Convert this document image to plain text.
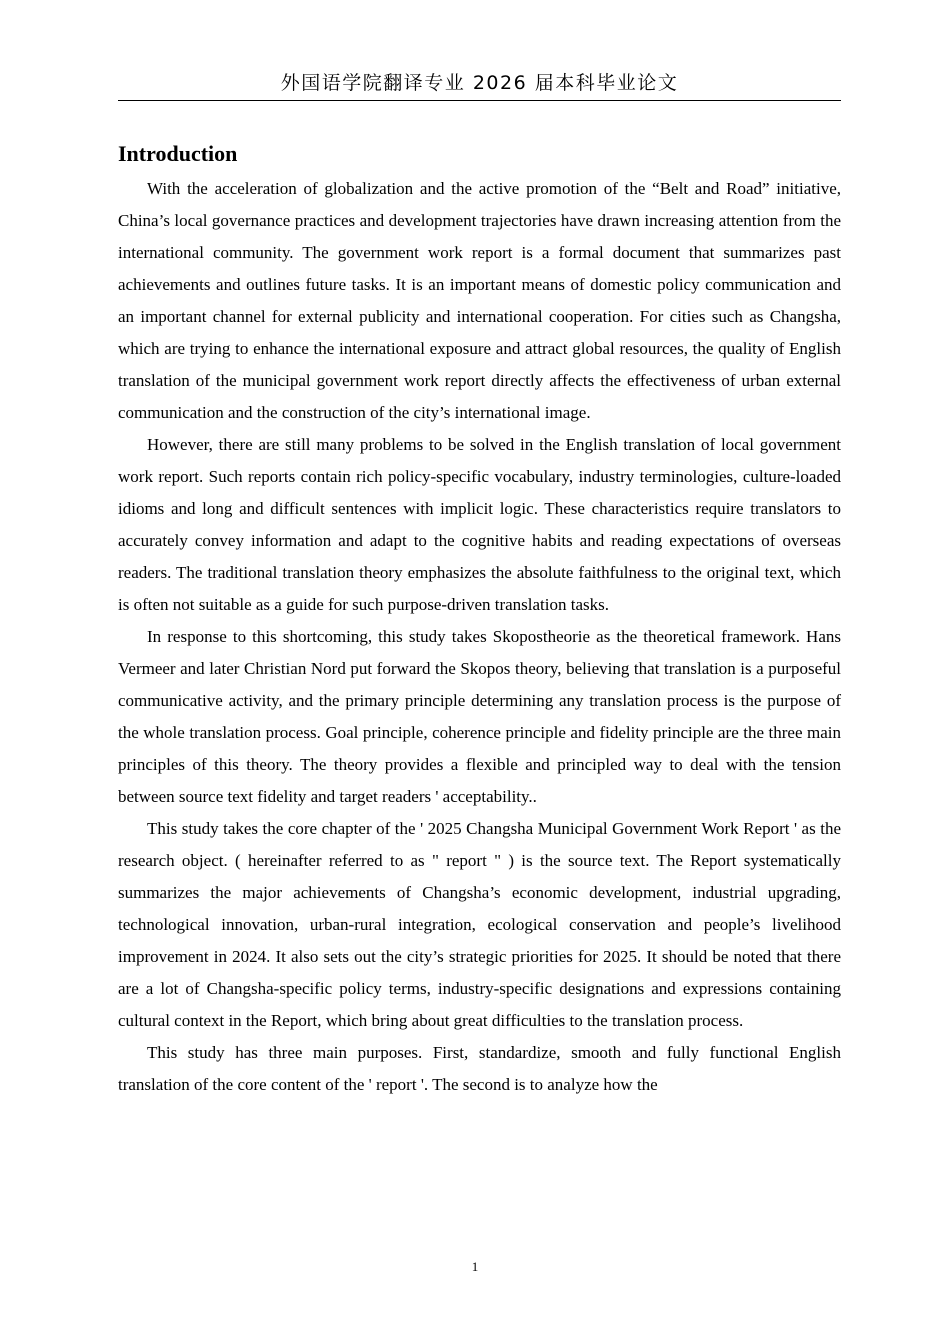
外国语学院翻译专业 2026 届本科毕业论文
Introduction

With the acceleration of globalization and the active promotion of the “Belt and Road” initiative, China’s local governance practices and development trajectories have drawn increasing attention from the international community. The government work report is a formal document that summarizes past achievements and outlines future tasks. It is an important means of domestic policy communication and an important channel for external publicity and international cooperation. For cities such as Changsha, which are trying to enhance the international exposure and attract global resources, the quality of English translation of the municipal government work report directly affects the effectiveness of urban external communication and the construction of the city’s international image.

However, there are still many problems to be solved in the English translation of local government work report. Such reports contain rich policy-specific vocabulary, industry terminologies, culture-loaded idioms and long and difficult sentences with implicit logic. These characteristics require translators to accurately convey information and adapt to the cognitive habits and reading expectations of overseas readers. The traditional translation theory emphasizes the absolute faithfulness to the original text, which is often not suitable as a guide for such purpose-driven translation tasks.

In response to this shortcoming, this study takes Skopostheorie as the theoretical framework. Hans Vermeer and later Christian Nord put forward the Skopos theory, believing that translation is a purposeful communicative activity, and the primary principle determining any translation process is the purpose of the whole translation process. Goal principle, coherence principle and fidelity principle are the three main principles of this theory. The theory provides a flexible and principled way to deal with the tension between source text fidelity and target readers ' acceptability..

This study takes the core chapter of the ' 2025 Changsha Municipal Government Work Report ' as the research object. ( hereinafter referred to as " report " ) is the source text. The Report systematically summarizes the major achievements of Changsha’s economic development, industrial upgrading, technological innovation, urban-rural integration, ecological conservation and people’s livelihood improvement in 2024. It also sets out the city’s strategic priorities for 2025. It should be noted that there are a lot of Changsha-specific policy terms, industry-specific designations and expressions containing cultural context in the Report, which bring about great difficulties to the translation process.

This study has three main purposes. First, standardize, smooth and fully functional English translation of the core content of the ' report '. The second is to analyze how the

1
